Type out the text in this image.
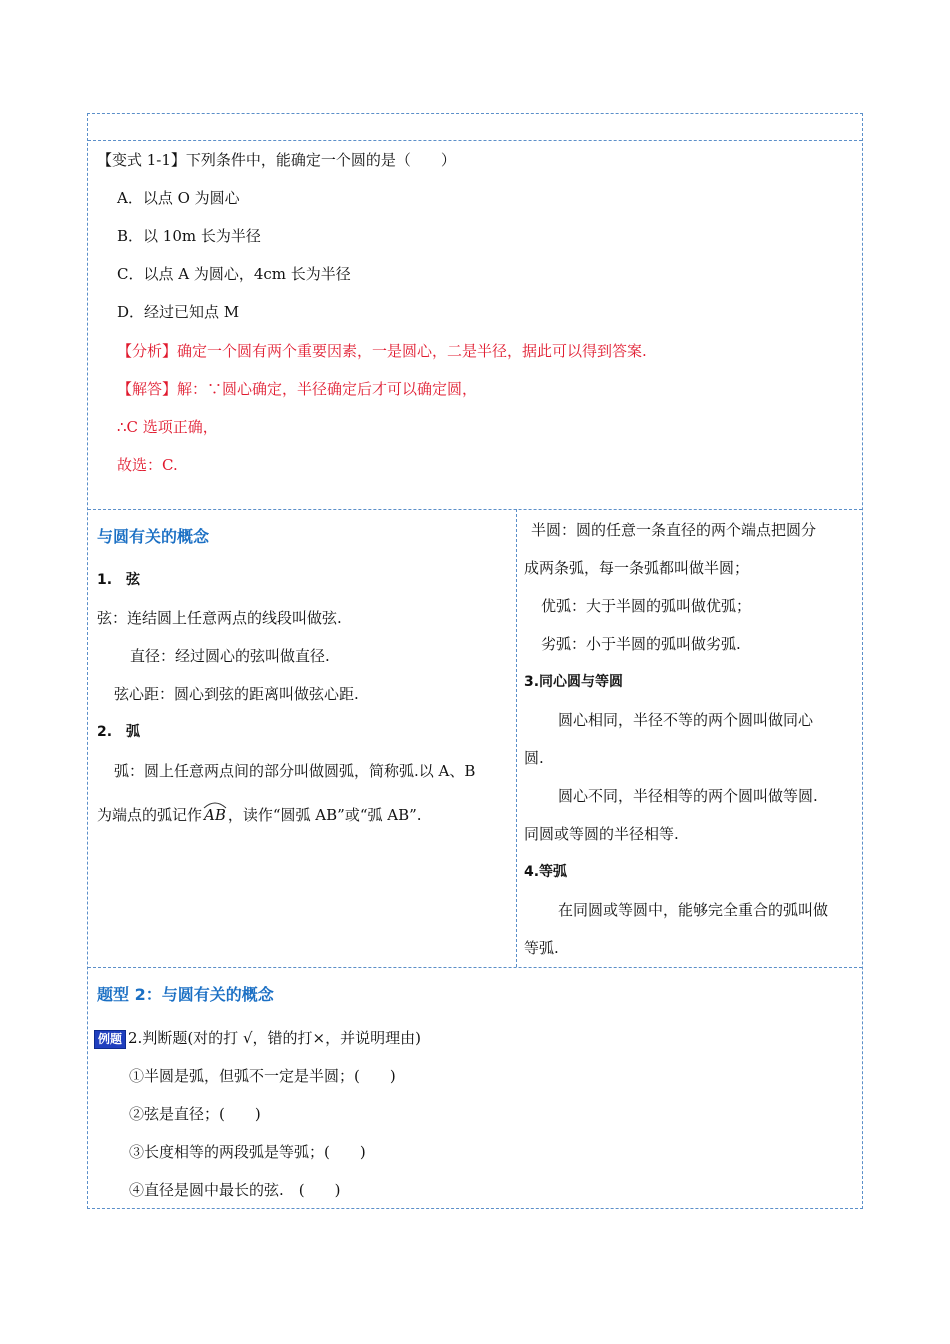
【变式 1-1】下列条件中，能确定一个圆的是（　　）
A．以点 O 为圆心
B．以 10m 长为半径
C．以点 A 为圆心，4cm 长为半径
D．经过已知点 M
【分析】确定一个圆有两个重要因素，一是圆心，二是半径，据此可以得到答案.
【解答】解：∵圆心确定，半径确定后才可以确定圆，
∴C 选项正确，
故选：C.
与圆有关的概念
1.　弦
弦：连结圆上任意两点的线段叫做弦.
直径：经过圆心的弦叫做直径.
弦心距：圆心到弦的距离叫做弦心距.
2.　弧
弧：圆上任意两点间的部分叫做圆弧，简称弧.以 A、B
为端点的弧记作 AB ，读作“圆弧 AB”或“弧 AB”.
半圆：圆的任意一条直径的两个端点把圆分
成两条弧，每一条弧都叫做半圆；
优弧：大于半圆的弧叫做优弧；
劣弧：小于半圆的弧叫做劣弧.
3.同心圆与等圆
圆心相同，半径不等的两个圆叫做同心
圆.
圆心不同，半径相等的两个圆叫做等圆.
同圆或等圆的半径相等.
4.等弧
在同圆或等圆中，能够完全重合的弧叫做
等弧.
题型 2：与圆有关的概念
例题 2.判断题(对的打 √，错的打×，并说明理由)
①半圆是弧，但弧不一定是半圆；(　　)
②弦是直径；(　　)
③长度相等的两段弧是等弧；(　　)
④直径是圆中最长的弦.　(　　)
